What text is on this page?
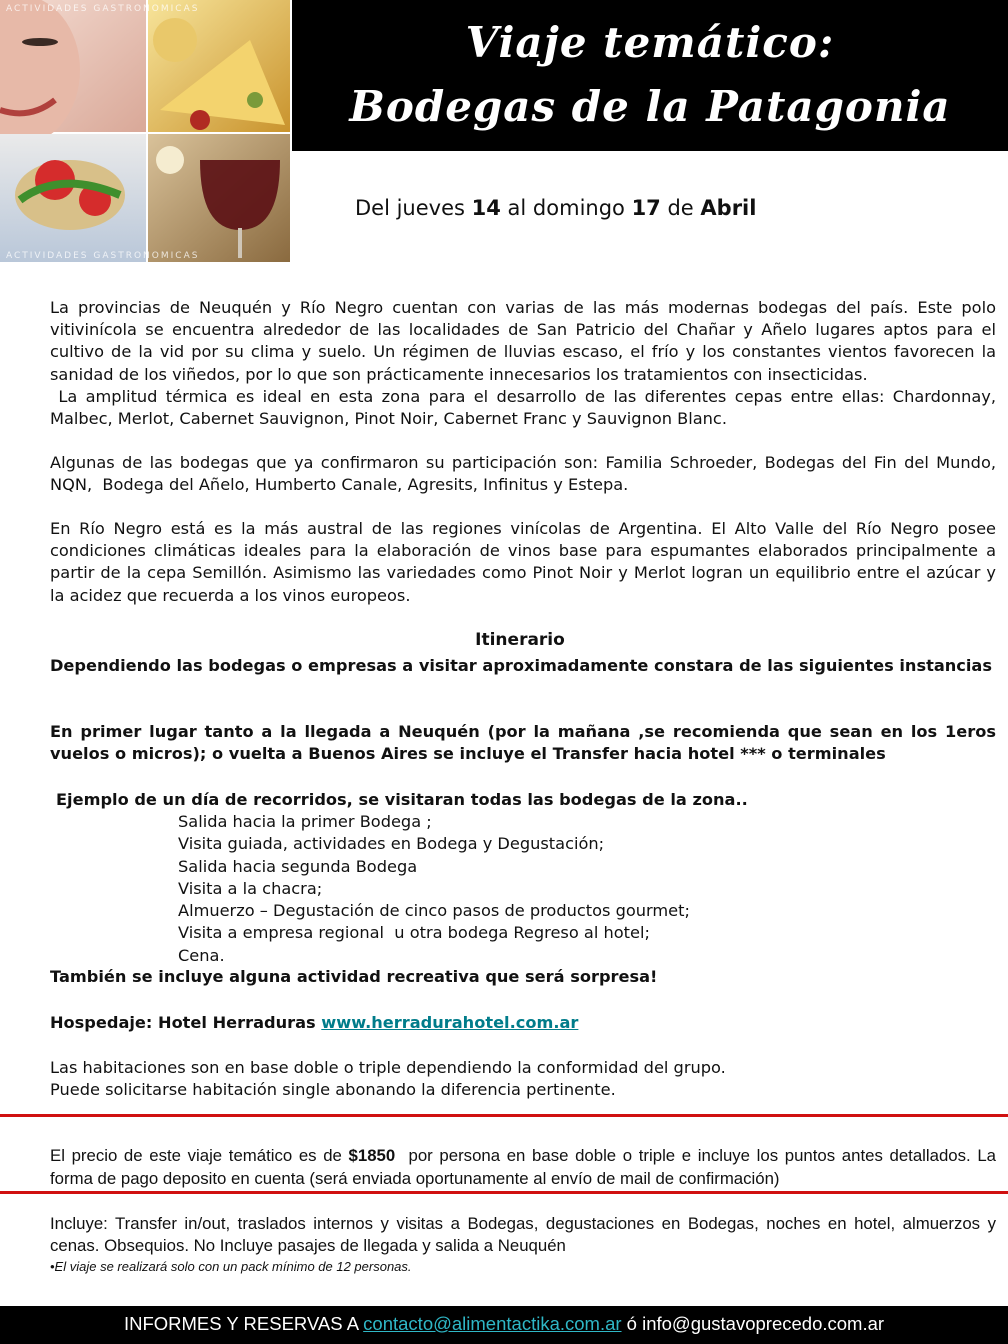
ACTIVIDADES GASTRONOMICAS
ACTIVIDADES GASTRONOMICAS
Viaje temático:
Bodegas de la Patagonia
Del jueves 14 al domingo 17 de Abril
La provincias de Neuquén y Río Negro cuentan con varias de las más modernas bodegas del país. Este polo vitivinícola se encuentra alrededor de las localidades de San Patricio del Chañar y Añelo lugares aptos para el cultivo de la vid por su clima y suelo. Un régimen de lluvias escaso, el frío y los constantes vientos favorecen la sanidad de los viñedos, por lo que son prácticamente innecesarios los tratamientos con insecticidas.
La amplitud térmica es ideal en esta zona para el desarrollo de las diferentes cepas entre ellas: Chardonnay, Malbec, Merlot, Cabernet Sauvignon, Pinot Noir, Cabernet Franc y Sauvignon Blanc.
Algunas de las bodegas que ya confirmaron su participación son: Familia Schroeder, Bodegas del Fin del Mundo, NQN,  Bodega del Añelo, Humberto Canale, Agresits, Infinitus y Estepa.
En Río Negro está es la más austral de las regiones vinícolas de Argentina. El Alto Valle del Río Negro posee condiciones climáticas ideales para la elaboración de vinos base para espumantes elaborados principalmente a partir de la cepa Semillón. Asimismo las variedades como Pinot Noir y Merlot logran un equilibrio entre el azúcar y la acidez que recuerda a los vinos europeos.
Itinerario
Dependiendo las bodegas o empresas a visitar aproximadamente constara de las siguientes instancias
En primer lugar tanto a la llegada a Neuquén (por la mañana ,se recomienda que sean en los 1eros vuelos o micros); o vuelta a Buenos Aires se incluye el Transfer hacia hotel *** o terminales
Ejemplo de un día de recorridos, se visitaran todas las bodegas de la zona..
Salida hacia la primer Bodega ;
Visita guiada, actividades en Bodega y Degustación;
Salida hacia segunda Bodega
Visita a la chacra;
Almuerzo – Degustación de cinco pasos de productos gourmet;
Visita a empresa regional  u otra bodega Regreso al hotel;
Cena.
También se incluye alguna actividad recreativa que será sorpresa!
Hospedaje: Hotel Herraduras www.herradurahotel.com.ar
Las habitaciones son en base doble o triple dependiendo la conformidad del grupo.
Puede solicitarse habitación single abonando la diferencia pertinente.
El precio de este viaje temático es de $1850  por persona en base doble o triple e incluye los puntos antes detallados. La forma de pago deposito en cuenta (será enviada oportunamente al envío de mail de confirmación)
Incluye: Transfer in/out, traslados internos y visitas a Bodegas, degustaciones en Bodegas, noches en hotel, almuerzos y cenas. Obsequios. No Incluye pasajes de llegada y salida a Neuquén
•El viaje se realizará solo con un pack mínimo de 12 personas.
INFORMES Y RESERVAS A contacto@alimentactika.com.ar ó info@gustavoprecedo.com.ar
